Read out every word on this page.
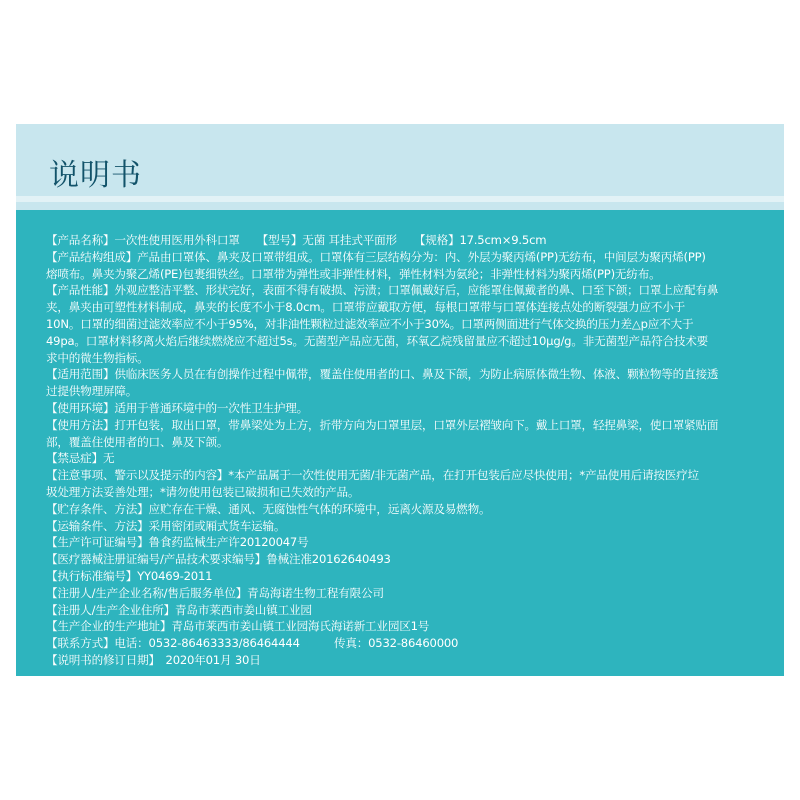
说明书
【产品名称】一次性使用医用外科口罩　　【型号】无菌 耳挂式平面形　　【规格】17.5cm×9.5cm
【产品结构组成】产品由口罩体、鼻夹及口罩带组成。口罩体有三层结构分为：内、外层为聚丙烯(PP)无纺布，中间层为聚丙烯(PP)
熔喷布。鼻夹为聚乙烯(PE)包裹细铁丝。口罩带为弹性或非弹性材料，弹性材料为氨纶；非弹性材料为聚丙烯(PP)无纺布。
【产品性能】外观应整洁平整、形状完好，表面不得有破损、污渍；口罩佩戴好后，应能罩住佩戴者的鼻、口至下颌；口罩上应配有鼻
夹，鼻夹由可塑性材料制成，鼻夹的长度不小于8.0cm。口罩带应戴取方便，每根口罩带与口罩体连接点处的断裂强力应不小于
10N。口罩的细菌过滤效率应不小于95%，对非油性颗粒过滤效率应不小于30%。口罩两侧面进行气体交换的压力差△p应不大于
49pa。口罩材料移离火焰后继续燃烧应不超过5s。无菌型产品应无菌，环氧乙烷残留量应不超过10μg/g。非无菌型产品符合技术要
求中的微生物指标。
【适用范围】供临床医务人员在有创操作过程中佩带，覆盖住使用者的口、鼻及下颌，为防止病原体微生物、体液、颗粒物等的直接透
过提供物理屏障。
【使用环境】适用于普通环境中的一次性卫生护理。
【使用方法】打开包装，取出口罩，带鼻梁处为上方，折带方向为口罩里层，口罩外层褶皱向下。戴上口罩，轻捏鼻梁，使口罩紧贴面
部，覆盖住使用者的口、鼻及下颌。
【禁忌症】无
【注意事项、警示以及提示的内容】*本产品属于一次性使用无菌/非无菌产品，在打开包装后应尽快使用；*产品使用后请按医疗垃
圾处理方法妥善处理；*请勿使用包装已破损和已失效的产品。
【贮存条件、方法】应贮存在干燥、通风、无腐蚀性气体的环境中，远离火源及易燃物。
【运输条件、方法】采用密闭或厢式货车运输。
【生产许可证编号】鲁食药监械生产许20120047号
【医疗器械注册证编号/产品技术要求编号】鲁械注准20162640493
【执行标准编号】YY0469-2011
【注册人/生产企业名称/售后服务单位】青岛海诺生物工程有限公司
【注册人/生产企业住所】青岛市莱西市姜山镇工业园
【生产企业的生产地址】青岛市莱西市姜山镇工业园海氏海诺新工业园区1号
【联系方式】电话：0532-86463333/86464444　　　传真：0532-86460000
【说明书的修订日期】　2020年01月 30日
